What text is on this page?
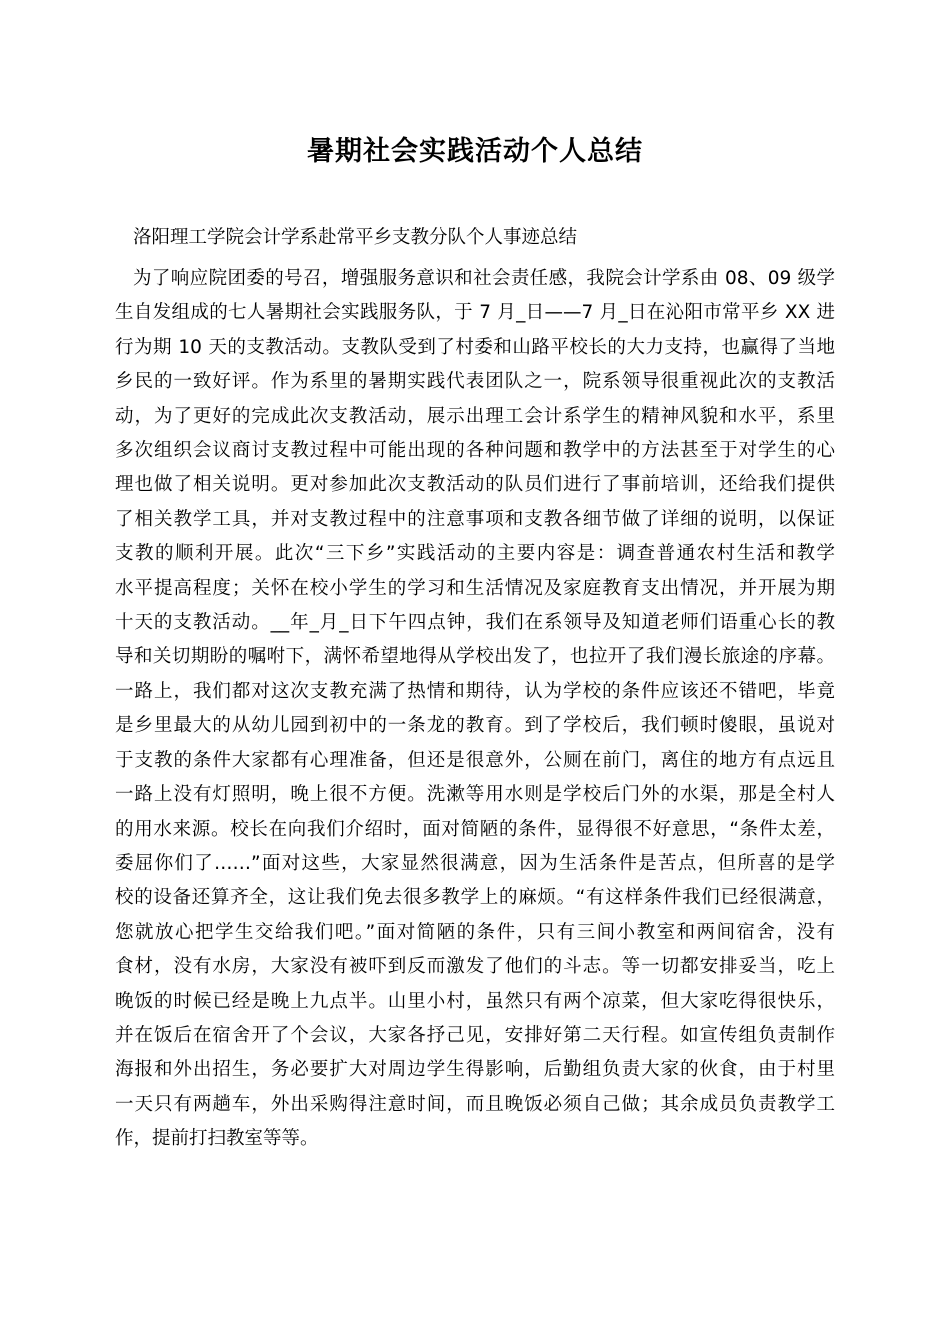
暑期社会实践活动个人总结

洛阳理工学院会计学系赴常平乡支教分队个人事迹总结

为了响应院团委的号召，增强服务意识和社会责任感，我院会计学系由 08、09 级学
生自发组成的七人暑期社会实践服务队，于 7 月_日——7 月_日在沁阳市常平乡 XX 进
行为期 10 天的支教活动。支教队受到了村委和山路平校长的大力支持，也赢得了当地
乡民的一致好评。作为系里的暑期实践代表团队之一，院系领导很重视此次的支教活
动，为了更好的完成此次支教活动，展示出理工会计系学生的精神风貌和水平，系里
多次组织会议商讨支教过程中可能出现的各种问题和教学中的方法甚至于对学生的心
理也做了相关说明。更对参加此次支教活动的队员们进行了事前培训，还给我们提供
了相关教学工具，并对支教过程中的注意事项和支教各细节做了详细的说明，以保证
支教的顺利开展。此次“三下乡”实践活动的主要内容是：调查普通农村生活和教学
水平提高程度；关怀在校小学生的学习和生活情况及家庭教育支出情况，并开展为期
十天的支教活动。__年_月_日下午四点钟，我们在系领导及知道老师们语重心长的教
导和关切期盼的嘱咐下，满怀希望地得从学校出发了，也拉开了我们漫长旅途的序幕。
一路上，我们都对这次支教充满了热情和期待，认为学校的条件应该还不错吧，毕竟
是乡里最大的从幼儿园到初中的一条龙的教育。到了学校后，我们顿时傻眼，虽说对
于支教的条件大家都有心理准备，但还是很意外，公厕在前门，离住的地方有点远且
一路上没有灯照明，晚上很不方便。洗漱等用水则是学校后门外的水渠，那是全村人
的用水来源。校长在向我们介绍时，面对简陋的条件，显得很不好意思，“条件太差，
委屈你们了……”面对这些，大家显然很满意，因为生活条件是苦点，但所喜的是学
校的设备还算齐全，这让我们免去很多教学上的麻烦。“有这样条件我们已经很满意，
您就放心把学生交给我们吧。”面对简陋的条件，只有三间小教室和两间宿舍，没有
食材，没有水房，大家没有被吓到反而激发了他们的斗志。等一切都安排妥当，吃上
晚饭的时候已经是晚上九点半。山里小村，虽然只有两个凉菜，但大家吃得很快乐，
并在饭后在宿舍开了个会议，大家各抒己见，安排好第二天行程。如宣传组负责制作
海报和外出招生，务必要扩大对周边学生得影响，后勤组负责大家的伙食，由于村里
一天只有两趟车，外出采购得注意时间，而且晚饭必须自己做；其余成员负责教学工
作，提前打扫教室等等。
